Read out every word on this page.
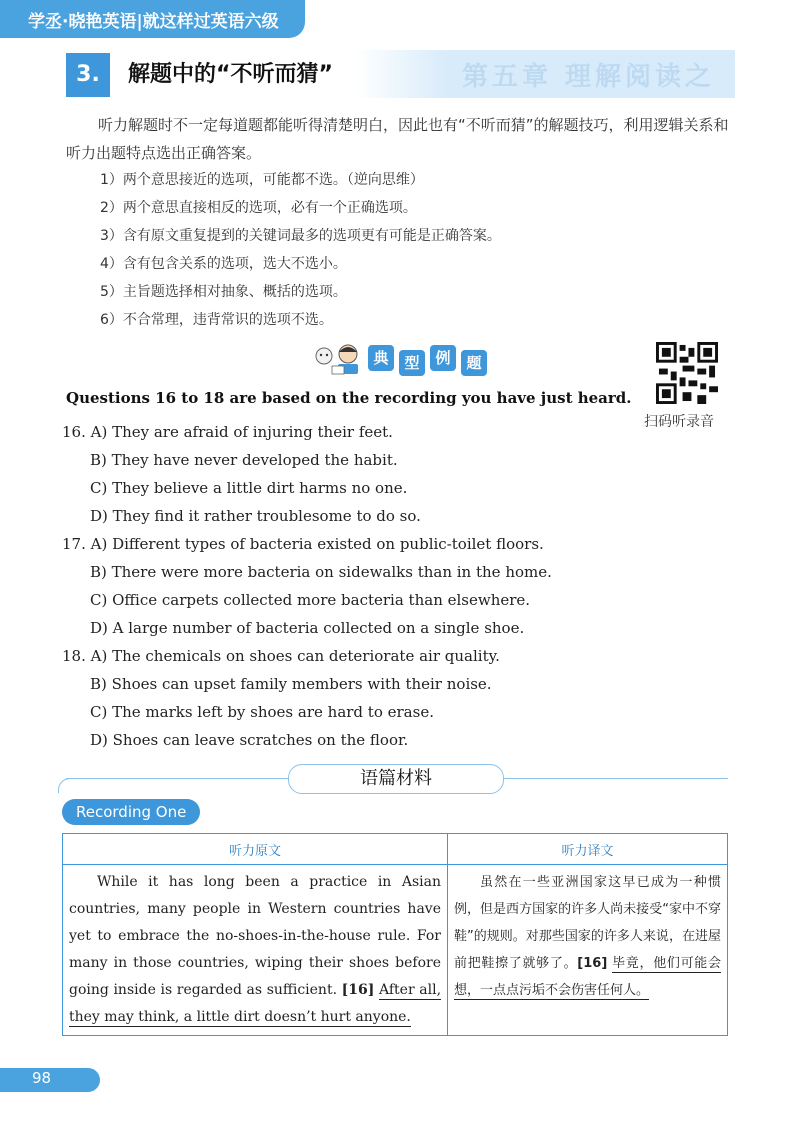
学丞·晓艳英语|就这样过英语六级
第五章 理解阅读之
3.	解题中的“不听而猜”
听力解题时不一定每道题都能听得清楚明白，因此也有“不听而猜”的解题技巧，利用逻辑关系和听力出题特点选出正确答案。
1）两个意思接近的选项，可能都不选。（逆向思维）
2）两个意思直接相反的选项，必有一个正确选项。
3）含有原文重复提到的关键词最多的选项更有可能是正确答案。
4）含有包含关系的选项，选大不选小。
5）主旨题选择相对抽象、概括的选项。
6）不合常理，违背常识的选项不选。
典	型	例	题
扫码听录音
Questions 16 to 18 are based on the recording you have just heard.
16. A) They are afraid of injuring their feet.
B) They have never developed the habit.
C) They believe a little dirt harms no one.
D) They find it rather troublesome to do so.
17. A) Different types of bacteria existed on public-toilet floors.
B) There were more bacteria on sidewalks than in the home.
C) Office carpets collected more bacteria than elsewhere.
D) A large number of bacteria collected on a single shoe.
18. A) The chemicals on shoes can deteriorate air quality.
B) Shoes can upset family members with their noise.
C) The marks left by shoes are hard to erase.
D) Shoes can leave scratches on the floor.
语篇材料
Recording One
听力原文	听力译文
While it has long been a practice in Asian countries, many people in Western countries have yet to embrace the no-shoes-in-the-house rule. For many in those countries, wiping their shoes before going inside is regarded as sufficient. [16] After all, they may think, a little dirt doesn’t hurt anyone.	虽然在一些亚洲国家这早已成为一种惯例，但是西方国家的许多人尚未接受“家中不穿鞋”的规则。对那些国家的许多人来说，在进屋前把鞋擦了就够了。[16] 毕竟，他们可能会想，一点点污垢不会伤害任何人。
98
